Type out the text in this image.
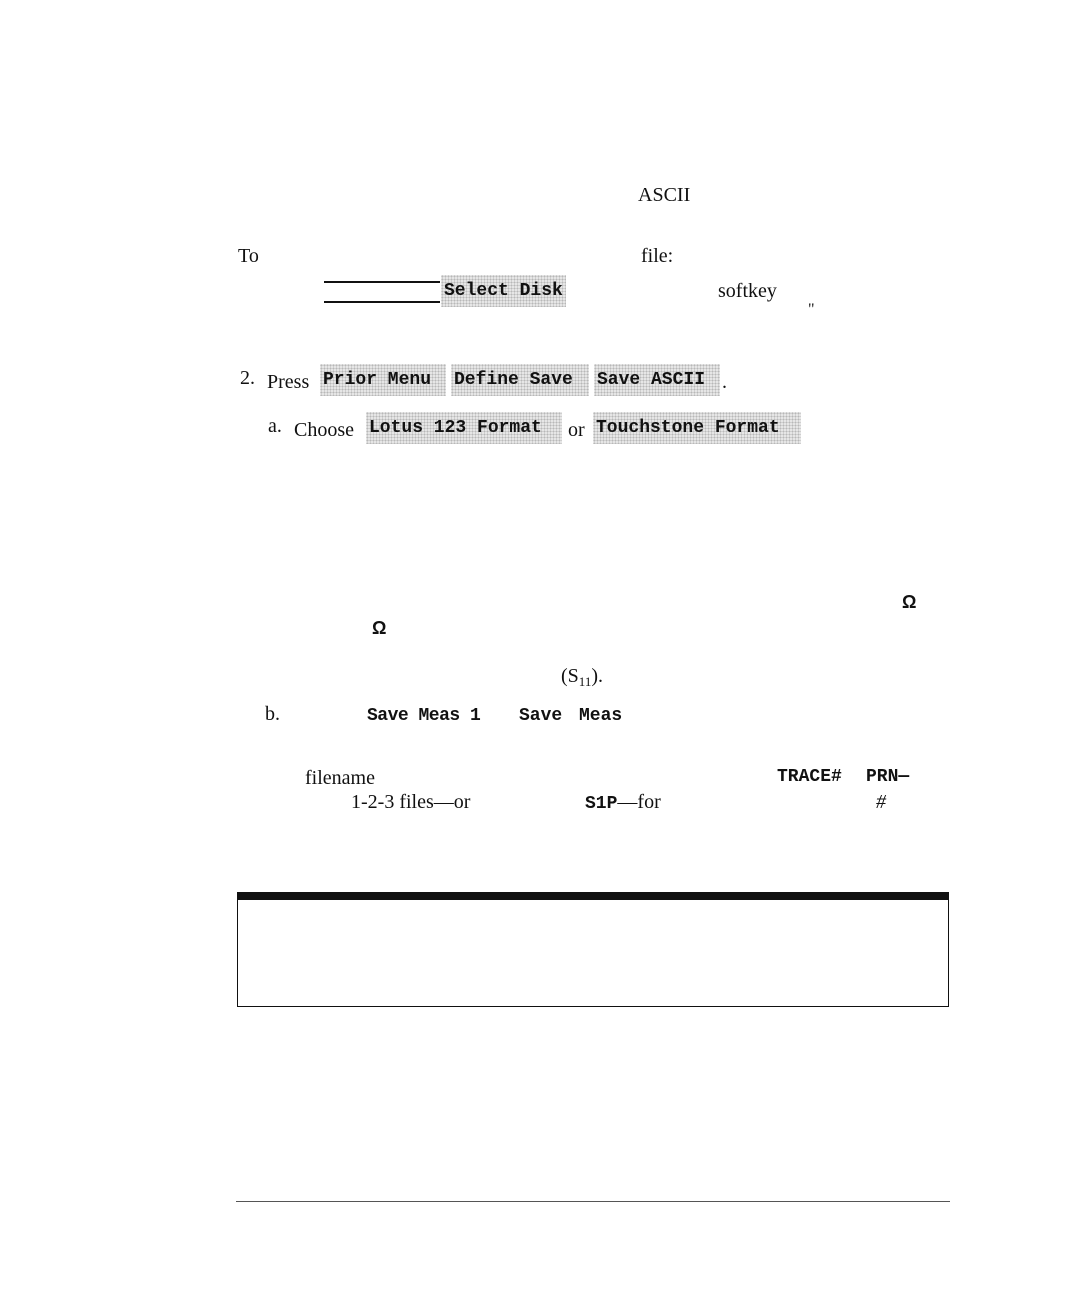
ASCII
To	file:
Select Disk	softkey
"
2. Press Prior Menu	Define Save	Save ASCII .
a. Choose Lotus 123 Format	or Touchstone Format
Ω
Ω
$(S_{11})$.
b.	Save Meas 1 Save Meas
filename	TRACE# PRN—
1-2-3 files—or	S1P—for	#
